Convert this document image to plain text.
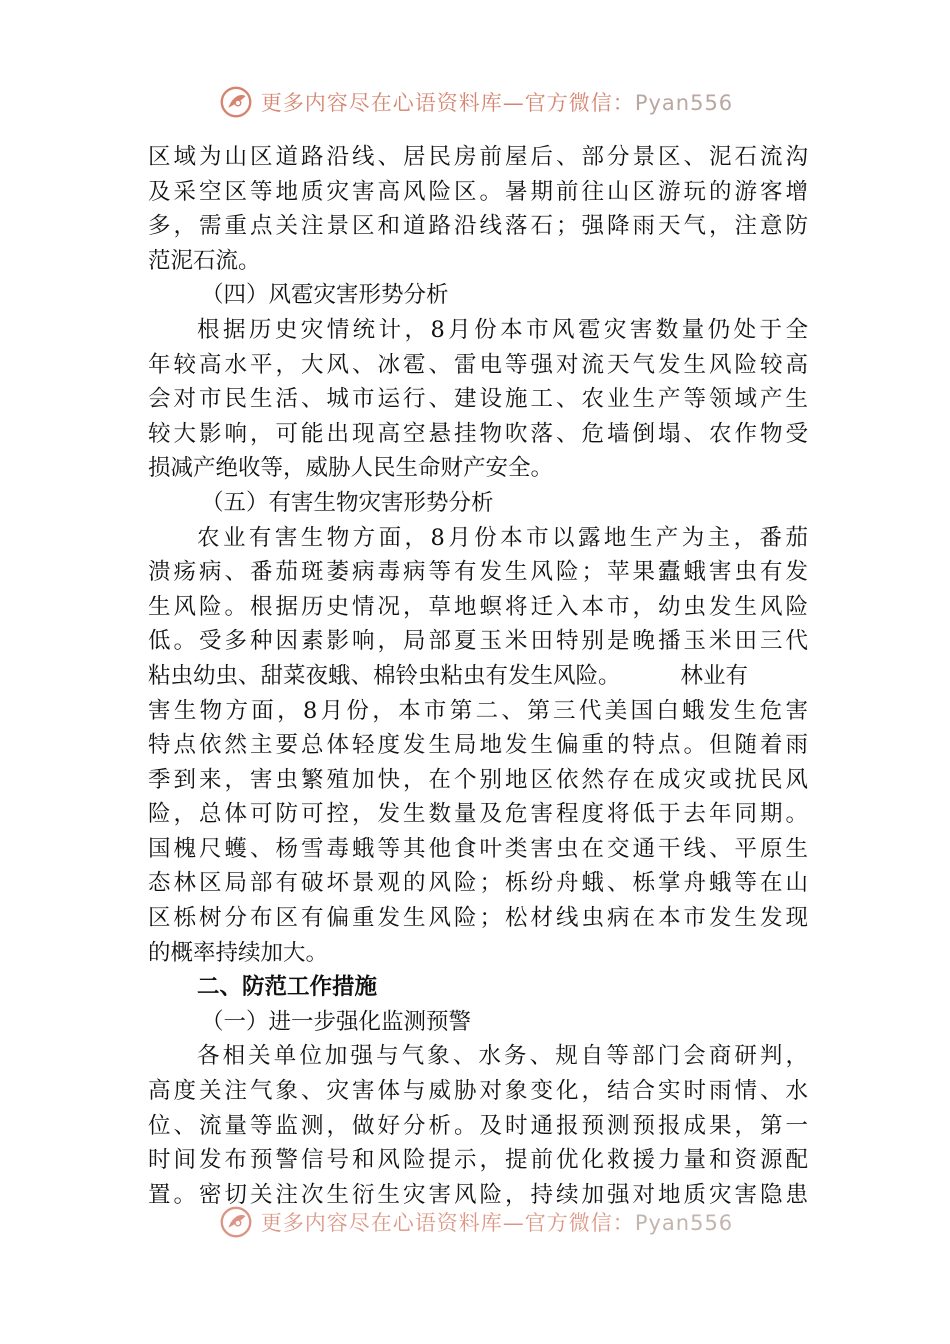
更多内容尽在心语资料库—官方微信：Pyan556
区域为山区道路沿线、居民房前屋后、部分景区、泥石流沟
及采空区等地质灾害高风险区。暑期前往山区游玩的游客增
多，需重点关注景区和道路沿线落石；强降雨天气，注意防
范泥石流。
（四）风雹灾害形势分析
根据历史灾情统计，8月份本市风雹灾害数量仍处于全
年较高水平，大风、冰雹、雷电等强对流天气发生风险较高
会对市民生活、城市运行、建设施工、农业生产等领域产生
较大影响，可能出现高空悬挂物吹落、危墙倒塌、农作物受
损减产绝收等，威胁人民生命财产安全。
（五）有害生物灾害形势分析
农业有害生物方面，8月份本市以露地生产为主，番茄
溃疡病、番茄斑萎病毒病等有发生风险；苹果蠹蛾害虫有发
生风险。根据历史情况，草地螟将迁入本市，幼虫发生风险
低。受多种因素影响，局部夏玉米田特别是晚播玉米田三代
粘虫幼虫、甜菜夜蛾、棉铃虫粘虫有发生风险。	林业有
害生物方面，8月份，本市第二、第三代美国白蛾发生危害
特点依然主要总体轻度发生局地发生偏重的特点。但随着雨
季到来，害虫繁殖加快，在个别地区依然存在成灾或扰民风
险，总体可防可控，发生数量及危害程度将低于去年同期。
国槐尺蠖、杨雪毒蛾等其他食叶类害虫在交通干线、平原生
态林区局部有破坏景观的风险；栎纷舟蛾、栎掌舟蛾等在山
区栎树分布区有偏重发生风险；松材线虫病在本市发生发现
的概率持续加大。
二、防范工作措施
（一）进一步强化监测预警
各相关单位加强与气象、水务、规自等部门会商研判，
高度关注气象、灾害体与威胁对象变化，结合实时雨情、水
位、流量等监测，做好分析。及时通报预测预报成果，第一
时间发布预警信号和风险提示，提前优化救援力量和资源配
置。密切关注次生衍生灾害风险，持续加强对地质灾害隐患
更多内容尽在心语资料库—官方微信：Pyan556
